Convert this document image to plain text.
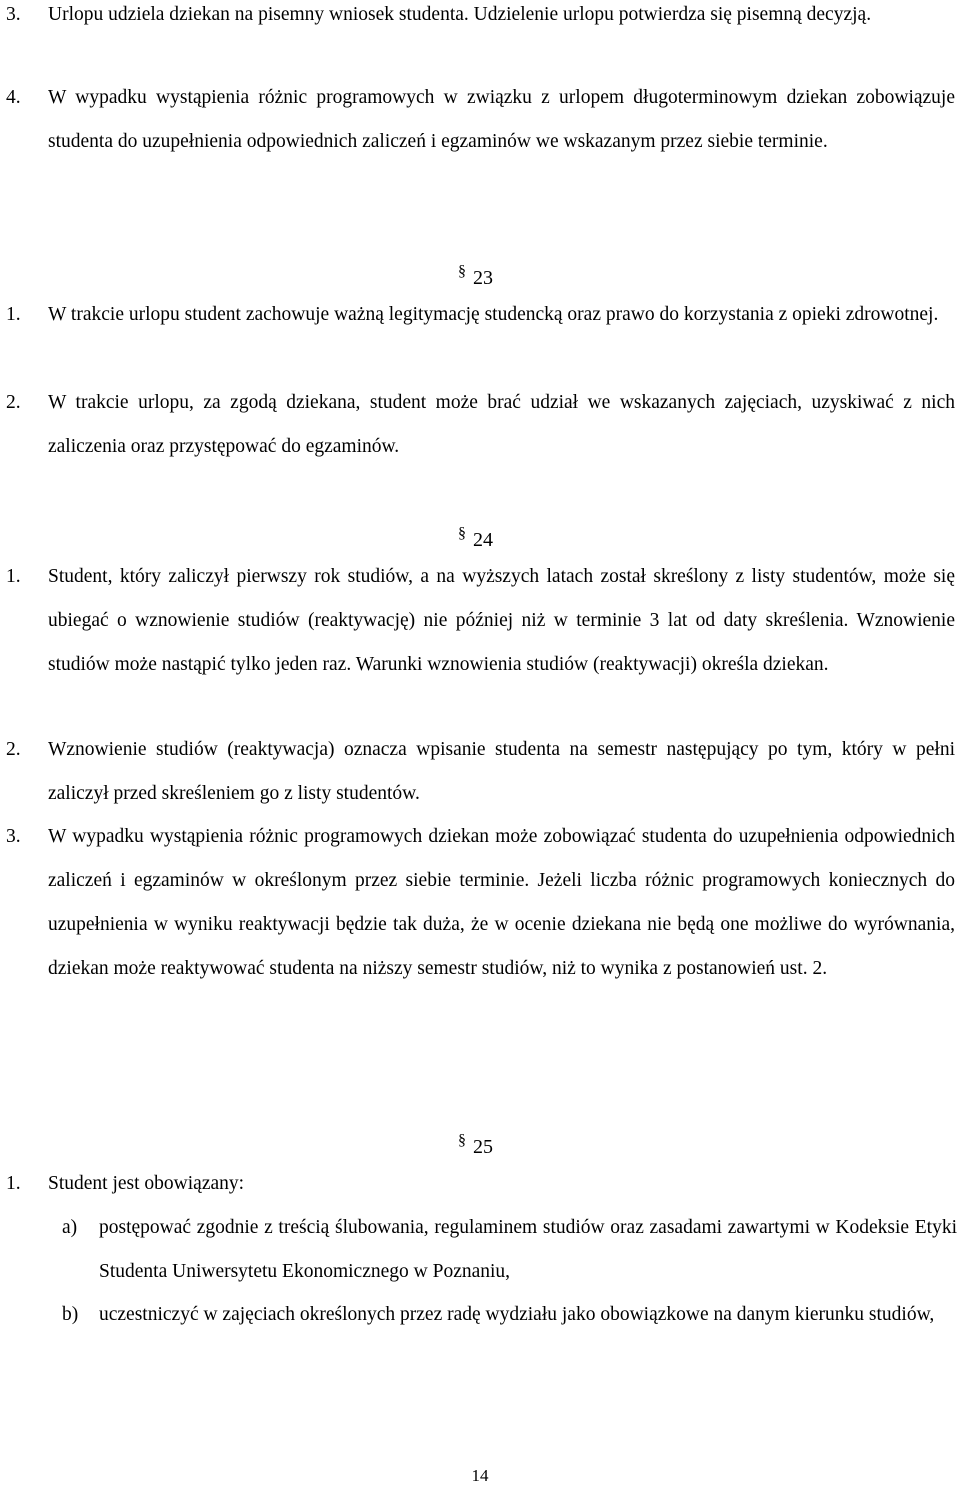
3.	Urlopu udziela dziekan na pisemny wniosek studenta. Udzielenie urlopu potwierdza się pisemną decyzją.
4.	W wypadku wystąpienia różnic programowych w związku z urlopem długoterminowym dziekan zobowiązuje studenta do uzupełnienia odpowiednich zaliczeń i egzaminów we wskazanym przez siebie terminie.
§ 23
1.	W trakcie urlopu student zachowuje ważną legitymację studencką oraz prawo do korzystania z opieki zdrowotnej.
2.	W trakcie urlopu, za zgodą dziekana, student może brać udział we wskazanych zajęciach, uzyskiwać z nich zaliczenia oraz przystępować do egzaminów.
§ 24
1.	Student, który zaliczył pierwszy rok studiów, a na wyższych latach został skreślony z listy studentów, może się ubiegać o wznowienie studiów (reaktywację) nie później niż w terminie 3 lat od daty skreślenia. Wznowienie studiów może nastąpić tylko jeden raz. Warunki wznowienia studiów (reaktywacji) określa dziekan.
2.	Wznowienie studiów (reaktywacja) oznacza wpisanie studenta na semestr następujący po tym, który w pełni zaliczył przed skreśleniem go z listy studentów.
3.	W wypadku wystąpienia różnic programowych dziekan może zobowiązać studenta do uzupełnienia odpowiednich zaliczeń i egzaminów w określonym przez siebie terminie. Jeżeli liczba różnic programowych koniecznych do uzupełnienia w wyniku reaktywacji będzie tak duża, że w ocenie dziekana nie będą one możliwe do wyrównania, dziekan może reaktywować studenta na niższy semestr studiów, niż to wynika z postanowień ust. 2.
§ 25
1.	Student jest obowiązany:
a)	postępować zgodnie z treścią ślubowania, regulaminem studiów oraz zasadami zawartymi w Kodeksie Etyki Studenta Uniwersytetu Ekonomicznego w Poznaniu,
b)	uczestniczyć w zajęciach określonych przez radę wydziału jako obowiązkowe na danym kierunku studiów,
14
